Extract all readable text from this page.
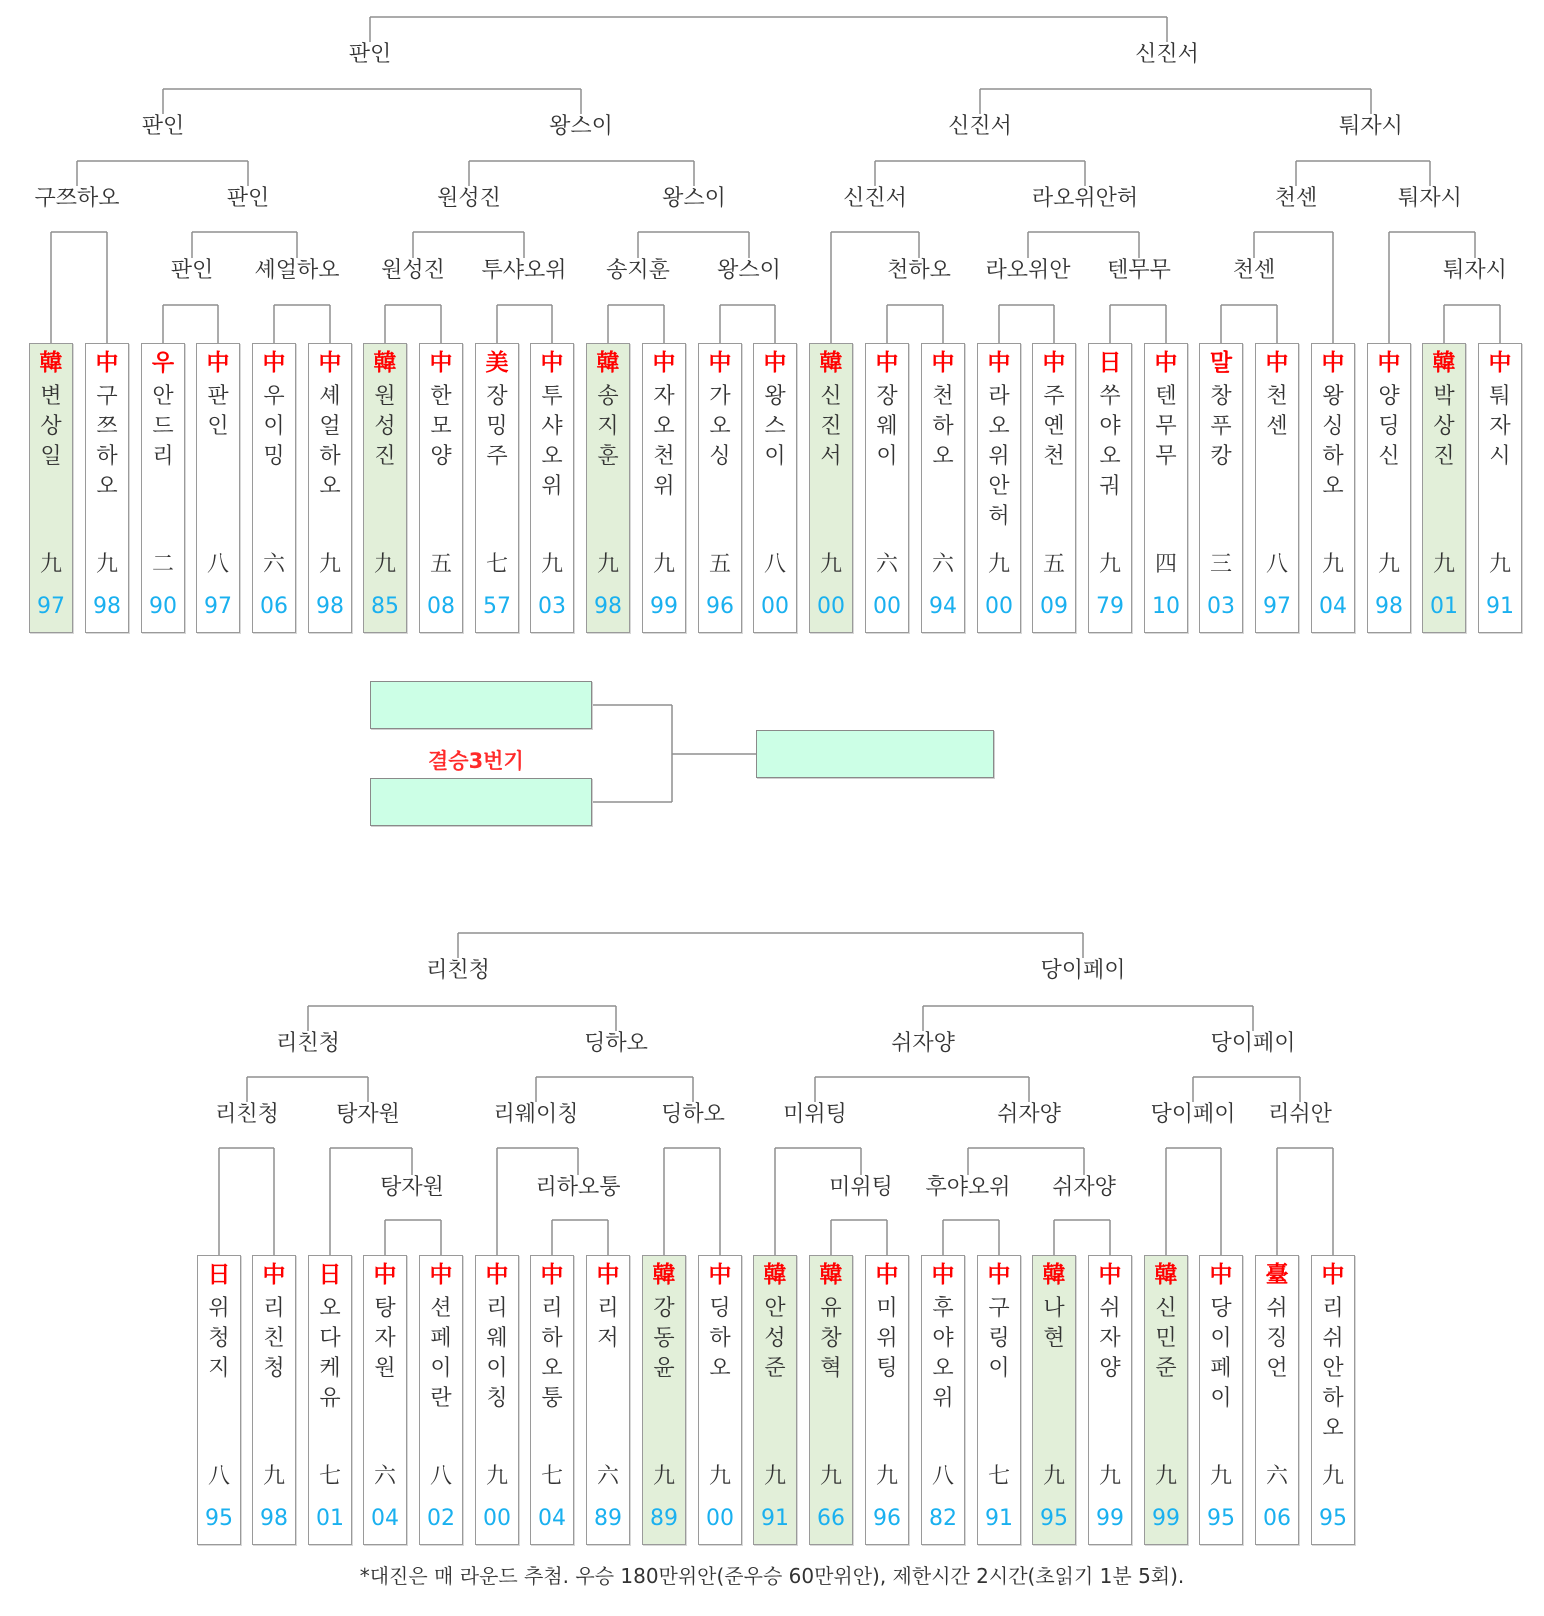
판인	신진서
판인	왕스이	신진서	퉈자시
구쯔하오	판인	원성진	왕스이	신진서	라오위안허	천센	퉈자시
판인 셰얼하오 원성진 투샤오위 송지훈 왕스이	천하오 라오위안 텐무무	천센	퉈자시
韓
변
상
일
九
97
中
구
쯔
하
오
九
98
우
안
드
리
二
90
中
판
인
八
97
中
우
이
밍
六
06
中
셰
얼
하
오
九
98
韓
원
성
진
九
85
中
한
모
양
五
08
美
장
밍
주
七
57
中
투
샤
오
위
九
03
韓
송
지
훈
九
98
中
자
오
천
위
九
99
中
가
오
싱
五
96
中
왕
스
이
八
00
韓
신
진
서
九
00
中
장
웨
이
六
00
中
천
하
오
六
94
中
라
오
위
안
허
九
00
中
주
옌
천
五
09
日
쑤
야
오
궈
九
79
中
텐
무
무
四
10
말
창
푸
캉
三
03
中
천
센
八
97
中
왕
싱
하
오
九
04
中
양
딩
신
九
98
韓
박
상
진
九
01
中
퉈
자
시
九
91
결승3번기
리친청	당이페이
리친청	딩하오	쉬자양	당이페이
리친청	탕자원	리웨이칭	딩하오	미위팅	쉬자양	당이페이 리쉬안
탕자원	리하오퉁	미위팅 후야오위 쉬자양
日
위
청
지
八
95
中
리
친
청
九
98
日
오
다
케
유
七
01
中
탕
자
원
六
04
中
션
페
이
란
八
02
中
리
웨
이
칭
九
00
中
리
하
오
퉁
七
04
中
리
저
六
89
韓
강
동
윤
九
89
中
딩
하
오
九
00
韓
안
성
준
九
91
韓
유
창
혁
九
66
中
미
위
팅
九
96
中
후
야
오
위
八
82
中
구
링
이
七
91
韓
나
현
九
95
中
쉬
자
양
九
99
韓
신
민
준
九
99
中
당
이
페
이
九
95
臺
쉬
징
언
六
06
中
리
쉬
안
하
오
九
95
*대진은 매 라운드 추첨. 우승 180만위안(준우승 60만위안), 제한시간 2시간(초읽기 1분 5회).
